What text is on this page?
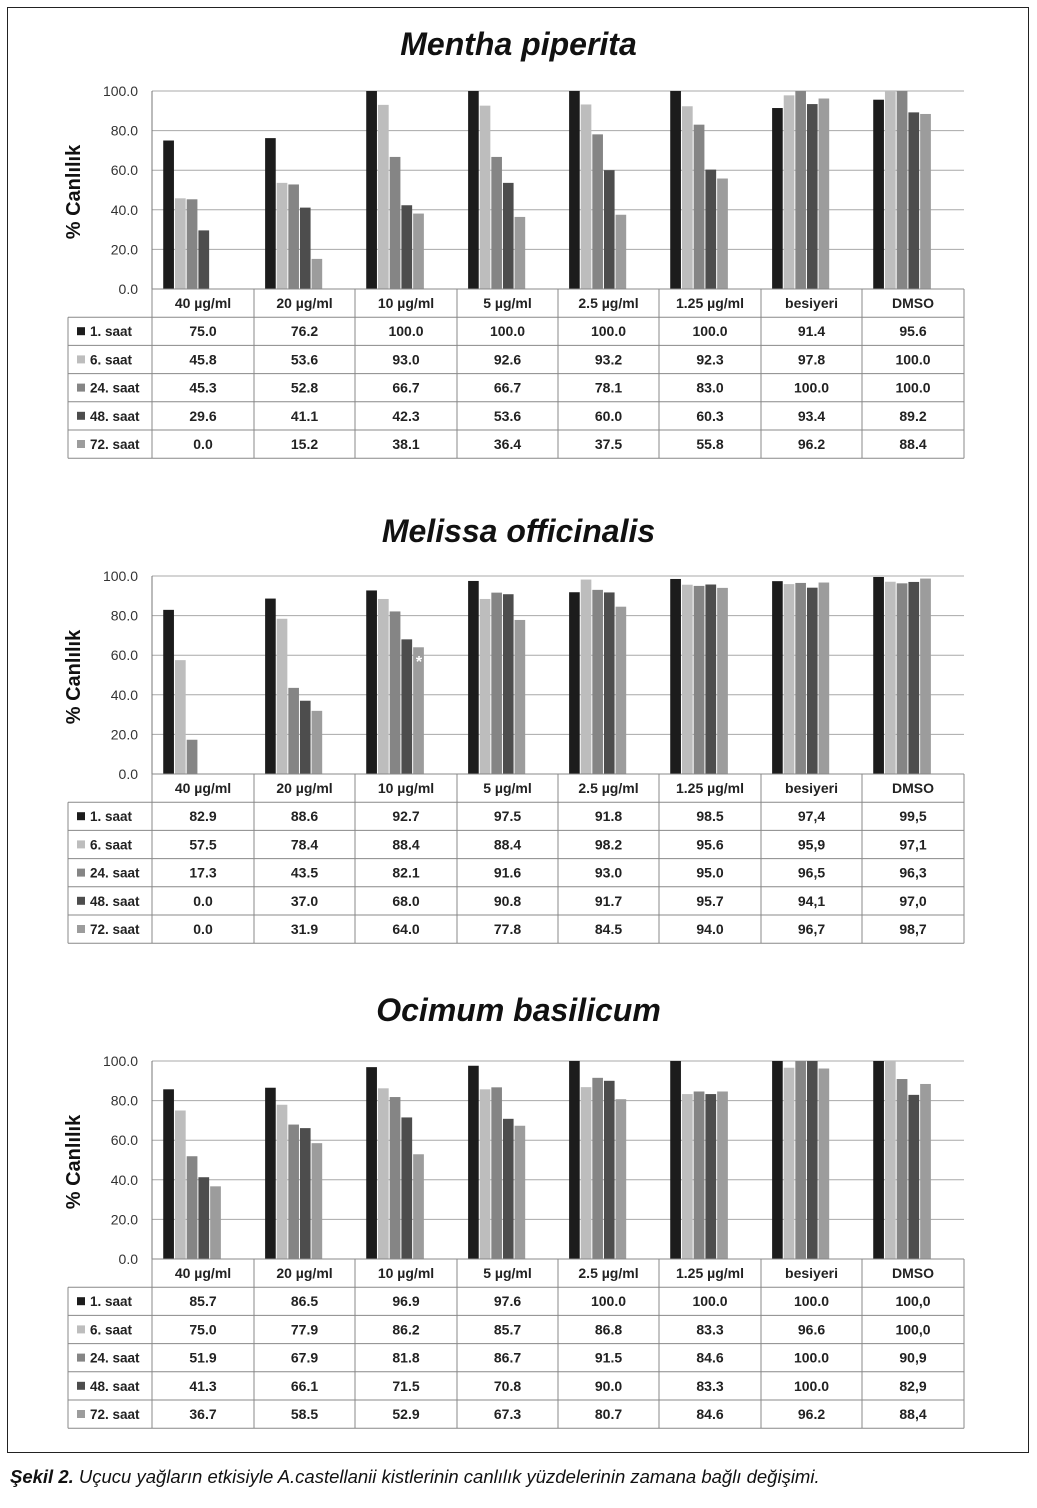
Mentha piperita
0.0
20.0
40.0
60.0
80.0
100.0
% Canlılık
40 µg/ml	20 µg/ml	10 µg/ml	5 µg/ml	2.5 µg/ml	1.25 µg/ml	besiyeri	DMSO
1. saat	75.0	76.2	100.0	100.0	100.0	100.0	91.4	95.6
6. saat	45.8	53.6	93.0	92.6	93.2	92.3	97.8	100.0
24. saat	45.3	52.8	66.7	66.7	78.1	83.0	100.0	100.0
48. saat	29.6	41.1	42.3	53.6	60.0	60.3	93.4	89.2
72. saat	0.0	15.2	38.1	36.4	37.5	55.8	96.2	88.4
Melissa officinalis
0.0
20.0
40.0
60.0
80.0
100.0
% Canlılık	*
40 µg/ml	20 µg/ml	10 µg/ml	5 µg/ml	2.5 µg/ml	1.25 µg/ml	besiyeri	DMSO
1. saat	82.9	88.6	92.7	97.5	91.8	98.5	97,4	99,5
6. saat	57.5	78.4	88.4	88.4	98.2	95.6	95,9	97,1
24. saat	17.3	43.5	82.1	91.6	93.0	95.0	96,5	96,3
48. saat	0.0	37.0	68.0	90.8	91.7	95.7	94,1	97,0
72. saat	0.0	31.9	64.0	77.8	84.5	94.0	96,7	98,7
Ocimum basilicum
0.0
20.0
40.0
60.0
80.0
100.0
% Canlılık
40 µg/ml	20 µg/ml	10 µg/ml	5 µg/ml	2.5 µg/ml	1.25 µg/ml	besiyeri	DMSO
1. saat	85.7	86.5	96.9	97.6	100.0	100.0	100.0	100,0
6. saat	75.0	77.9	86.2	85.7	86.8	83.3	96.6	100,0
24. saat	51.9	67.9	81.8	86.7	91.5	84.6	100.0	90,9
48. saat	41.3	66.1	71.5	70.8	90.0	83.3	100.0	82,9
72. saat	36.7	58.5	52.9	67.3	80.7	84.6	96.2	88,4
Şekil 2. Uçucu yağların etkisiyle A.castellanii kistlerinin canlılık yüzdelerinin zamana bağlı değişimi.
